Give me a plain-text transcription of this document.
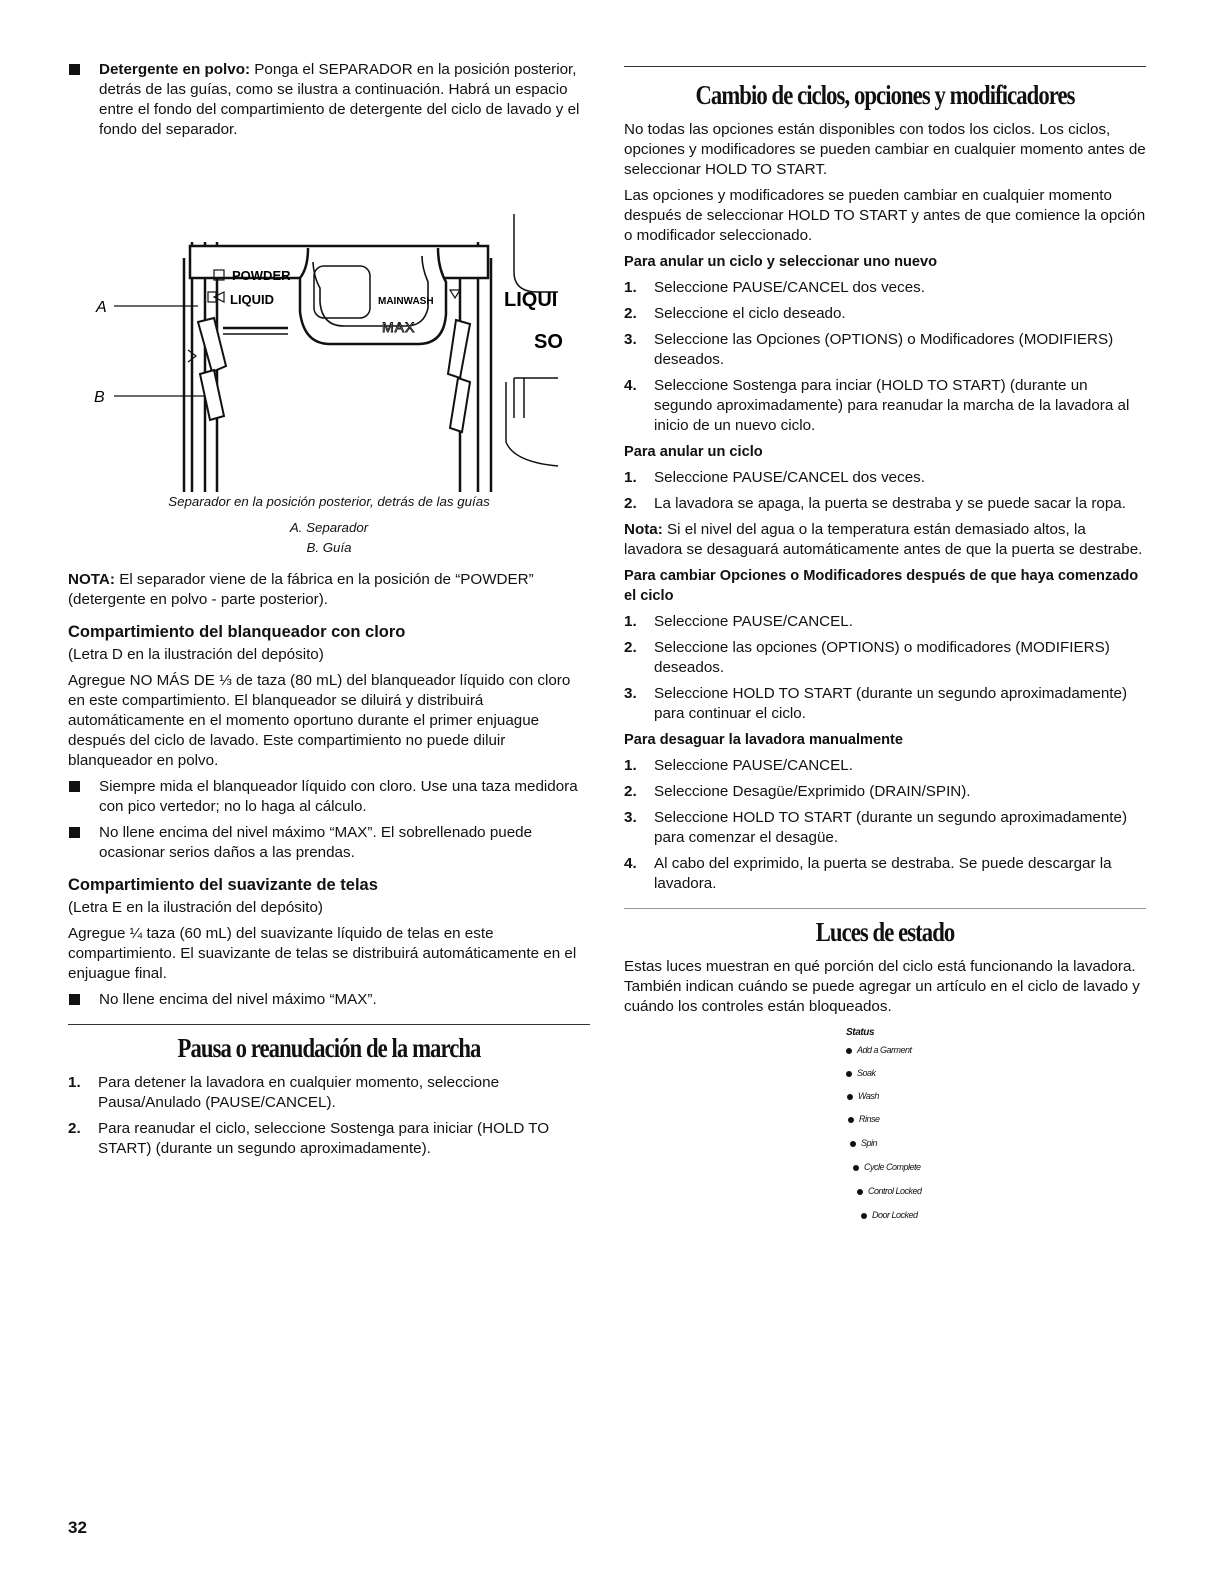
Detergente en polvo: Ponga el SEPARADOR en la posición posterior, detrás de las guías, como se ilustra a continuación. Habrá un espacio entre el fondo del compartimiento de detergente del ciclo de lavado y el fondo del separador.
POWDER
LIQUID	MAINWASH
MAX
LIQUI
SO
A
B

Separador en la posición posterior, detrás de las guías

A. Separador
B. Guía

NOTA: El separador viene de la fábrica en la posición de “POWDER” (detergente en polvo - parte posterior).

Compartimiento del blanqueador con cloro

(Letra D en la ilustración del depósito)

Agregue NO MÁS DE ⅓ de taza (80 mL) del blanqueador líquido con cloro en este compartimiento. El blanqueador se diluirá y distribuirá automáticamente en el momento oportuno durante el primer enjuague después del ciclo de lavado. Este compartimiento no puede diluir blanqueador en polvo.

Siempre mida el blanqueador líquido con cloro. Use una taza medidora con pico vertedor; no lo haga al cálculo.
No llene encima del nivel máximo “MAX”. El sobrellenado puede ocasionar serios daños a las prendas.
Compartimiento del suavizante de telas

(Letra E en la ilustración del depósito)

Agregue ¼ taza (60 mL) del suavizante líquido de telas en este compartimiento. El suavizante de telas se distribuirá automáticamente en el enjuague final.

No llene encima del nivel máximo “MAX”.
Pausa o reanudación de la marcha
1.	Para detener la lavadora en cualquier momento, seleccione Pausa/Anulado (PAUSE/CANCEL).
2.	Para reanudar el ciclo, seleccione Sostenga para iniciar (HOLD TO START) (durante un segundo aproximadamente).
Cambio de ciclos, opciones y modificadores

No todas las opciones están disponibles con todos los ciclos. Los ciclos, opciones y modificadores se pueden cambiar en cualquier momento antes de seleccionar HOLD TO START.

Las opciones y modificadores se pueden cambiar en cualquier momento después de seleccionar HOLD TO START y antes de que comience la opción o modificador seleccionado.

Para anular un ciclo y seleccionar uno nuevo
1.	Seleccione PAUSE/CANCEL dos veces.
2.	Seleccione el ciclo deseado.
3.	Seleccione las Opciones (OPTIONS) o Modificadores (MODIFIERS) deseados.
4.	Seleccione Sostenga para inciar (HOLD TO START) (durante un segundo aproximadamente) para reanudar la marcha de la lavadora al inicio de un nuevo ciclo.
Para anular un ciclo
1.	Seleccione PAUSE/CANCEL dos veces.
2.	La lavadora se apaga, la puerta se destraba y se puede sacar la ropa.

Nota: Si el nivel del agua o la temperatura están demasiado altos, la lavadora se desaguará automáticamente antes de que la puerta se destrabe.

Para cambiar Opciones o Modificadores después de que haya comenzado el ciclo
1.	Seleccione PAUSE/CANCEL.
2.	Seleccione las opciones (OPTIONS) o modificadores (MODIFIERS) deseados.
3.	Seleccione HOLD TO START (durante un segundo aproximadamente) para continuar el ciclo.
Para desaguar la lavadora manualmente
1.	Seleccione PAUSE/CANCEL.
2.	Seleccione Desagüe/Exprimido (DRAIN/SPIN).
3.	Seleccione HOLD TO START (durante un segundo aproximadamente) para comenzar el desagüe.
4.	Al cabo del exprimido, la puerta se destraba. Se puede descargar la lavadora.
Luces de estado

Estas luces muestran en qué porción del ciclo está funcionando la lavadora. También indican cuándo se puede agregar un artículo en el ciclo de lavado y cuándo los controles están bloqueados.

Status
Add a Garment
Soak
Wash
Rinse
Spin
Cycle Complete
Control Locked
Door Locked
32
